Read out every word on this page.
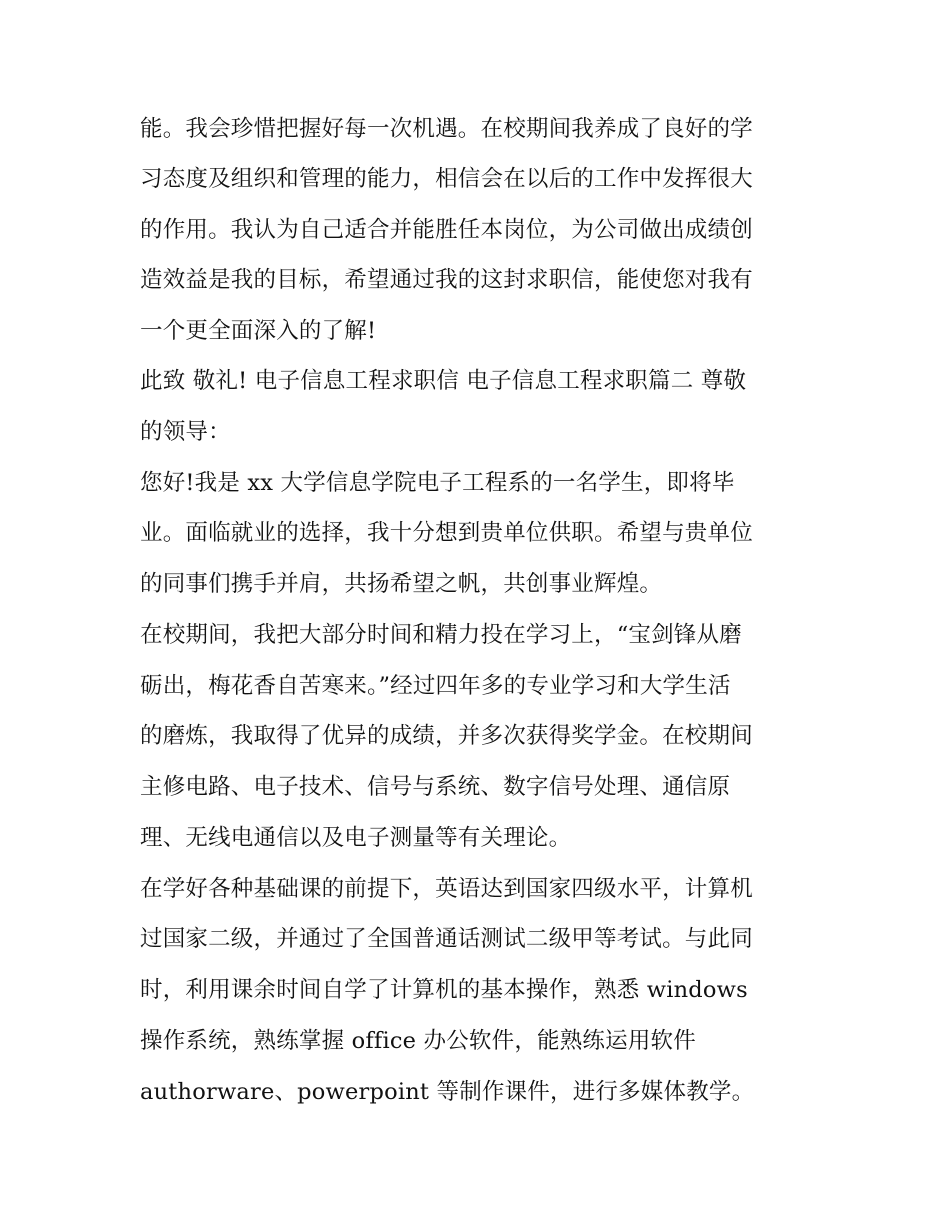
能。我会珍惜把握好每一次机遇。在校期间我养成了良好的学
习态度及组织和管理的能力，相信会在以后的工作中发挥很大
的作用。我认为自己适合并能胜任本岗位，为公司做出成绩创
造效益是我的目标，希望通过我的这封求职信，能使您对我有
一个更全面深入的了解!
此致 敬礼! 电子信息工程求职信 电子信息工程求职篇二 尊敬
的领导：
您好!我是 xx 大学信息学院电子工程系的一名学生，即将毕
业。面临就业的选择，我十分想到贵单位供职。希望与贵单位
的同事们携手并肩，共扬希望之帆，共创事业辉煌。
在校期间，我把大部分时间和精力投在学习上，“宝剑锋从磨
砺出，梅花香自苦寒来。”经过四年多的专业学习和大学生活
的磨炼，我取得了优异的成绩，并多次获得奖学金。在校期间
主修电路、电子技术、信号与系统、数字信号处理、通信原
理、无线电通信以及电子测量等有关理论。
在学好各种基础课的前提下，英语达到国家四级水平，计算机
过国家二级，并通过了全国普通话测试二级甲等考试。与此同
时，利用课余时间自学了计算机的基本操作，熟悉 windows
操作系统，熟练掌握 office 办公软件，能熟练运用软件
authorware、powerpoint 等制作课件，进行多媒体教学。
